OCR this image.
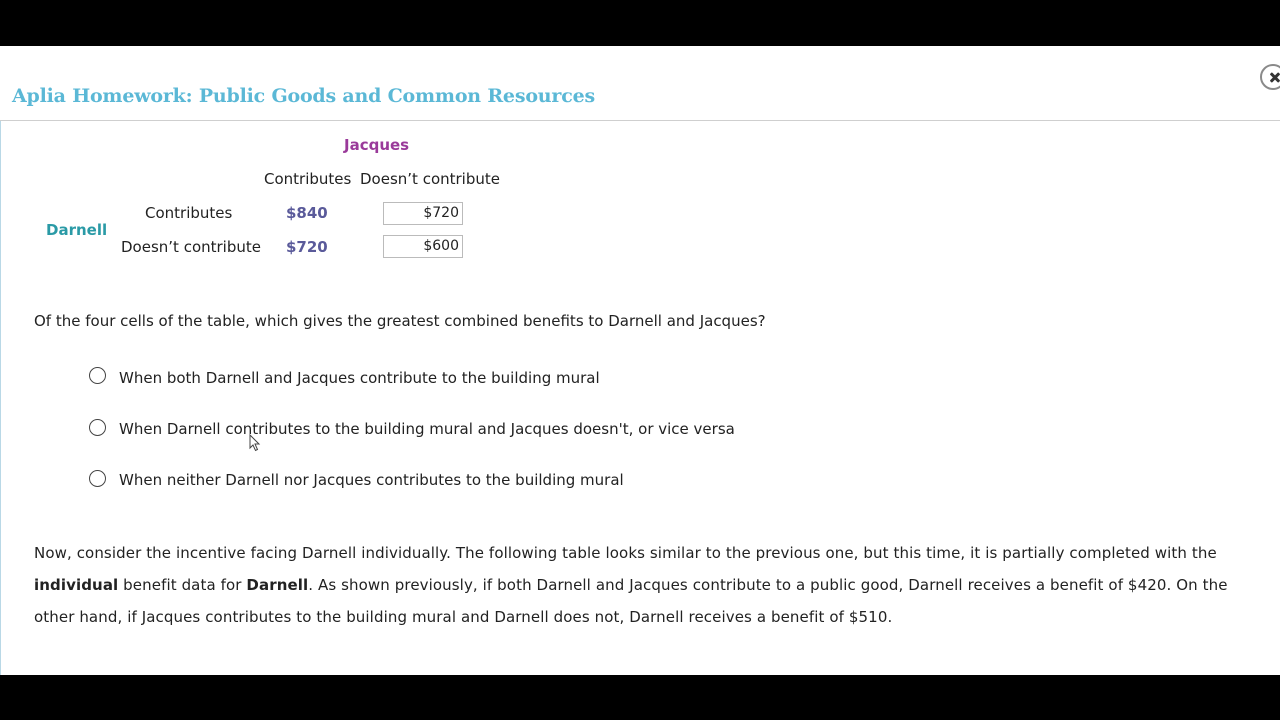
Aplia Homework: Public Goods and Common Resources
Jacques
Contributes Doesn’t contribute
Darnell
Contributes	$840	$720
Doesn’t contribute $720	$600
Of the four cells of the table, which gives the greatest combined benefits to Darnell and Jacques?
When both Darnell and Jacques contribute to the building mural
When Darnell contributes to the building mural and Jacques doesn't, or vice versa
When neither Darnell nor Jacques contributes to the building mural
Now, consider the incentive facing Darnell individually. The following table looks similar to the previous one, but this time, it is partially completed with the individual benefit data for Darnell. As shown previously, if both Darnell and Jacques contribute to a public good, Darnell receives a benefit of $420. On the other hand, if Jacques contributes to the building mural and Darnell does not, Darnell receives a benefit of $510.
